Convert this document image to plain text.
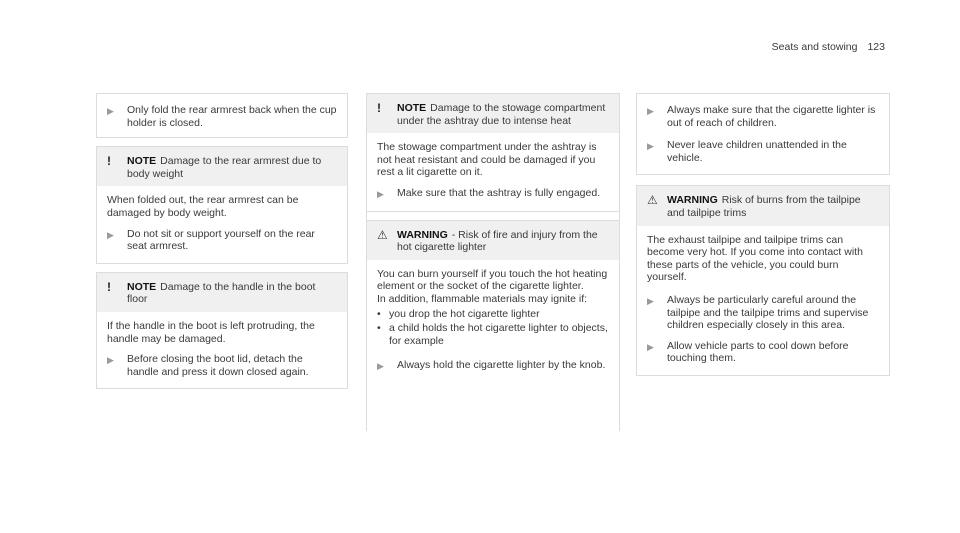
Seats and stowing 123
▶	Only fold the rear armrest back when the cup holder is closed.
!	NOTE Damage to the rear armrest due to body weight

When folded out, the rear armrest can be damaged by body weight.

▶	Do not sit or support yourself on the rear seat armrest.
!	NOTE Damage to the handle in the boot floor

If the handle in the boot is left protruding, the handle may be damaged.

▶	Before closing the boot lid, detach the handle and press it down closed again.
!	NOTE Damage to the stowage compartment under the ashtray due to intense heat

The stowage compartment under the ashtray is not heat resistant and could be damaged if you rest a lit cigarette on it.

▶	Make sure that the ashtray is fully engaged.
⚠ WARNING - Risk of fire and injury from the hot cigarette lighter

You can burn yourself if you touch the hot heating element or the socket of the cigarette lighter.

In addition, flammable materials may ignite if:

• you drop the hot cigarette lighter
• a child holds the hot cigarette lighter to objects, for example
▶	Always hold the cigarette lighter by the knob.
▶	Always make sure that the cigarette lighter is out of reach of children.
▶	Never leave children unattended in the vehicle.
⚠ WARNING Risk of burns from the tailpipe and tailpipe trims

The exhaust tailpipe and tailpipe trims can become very hot. If you come into contact with these parts of the vehicle, you could burn yourself.

▶	Always be particularly careful around the tailpipe and the tailpipe trims and supervise children especially closely in this area.
▶	Allow vehicle parts to cool down before touching them.
